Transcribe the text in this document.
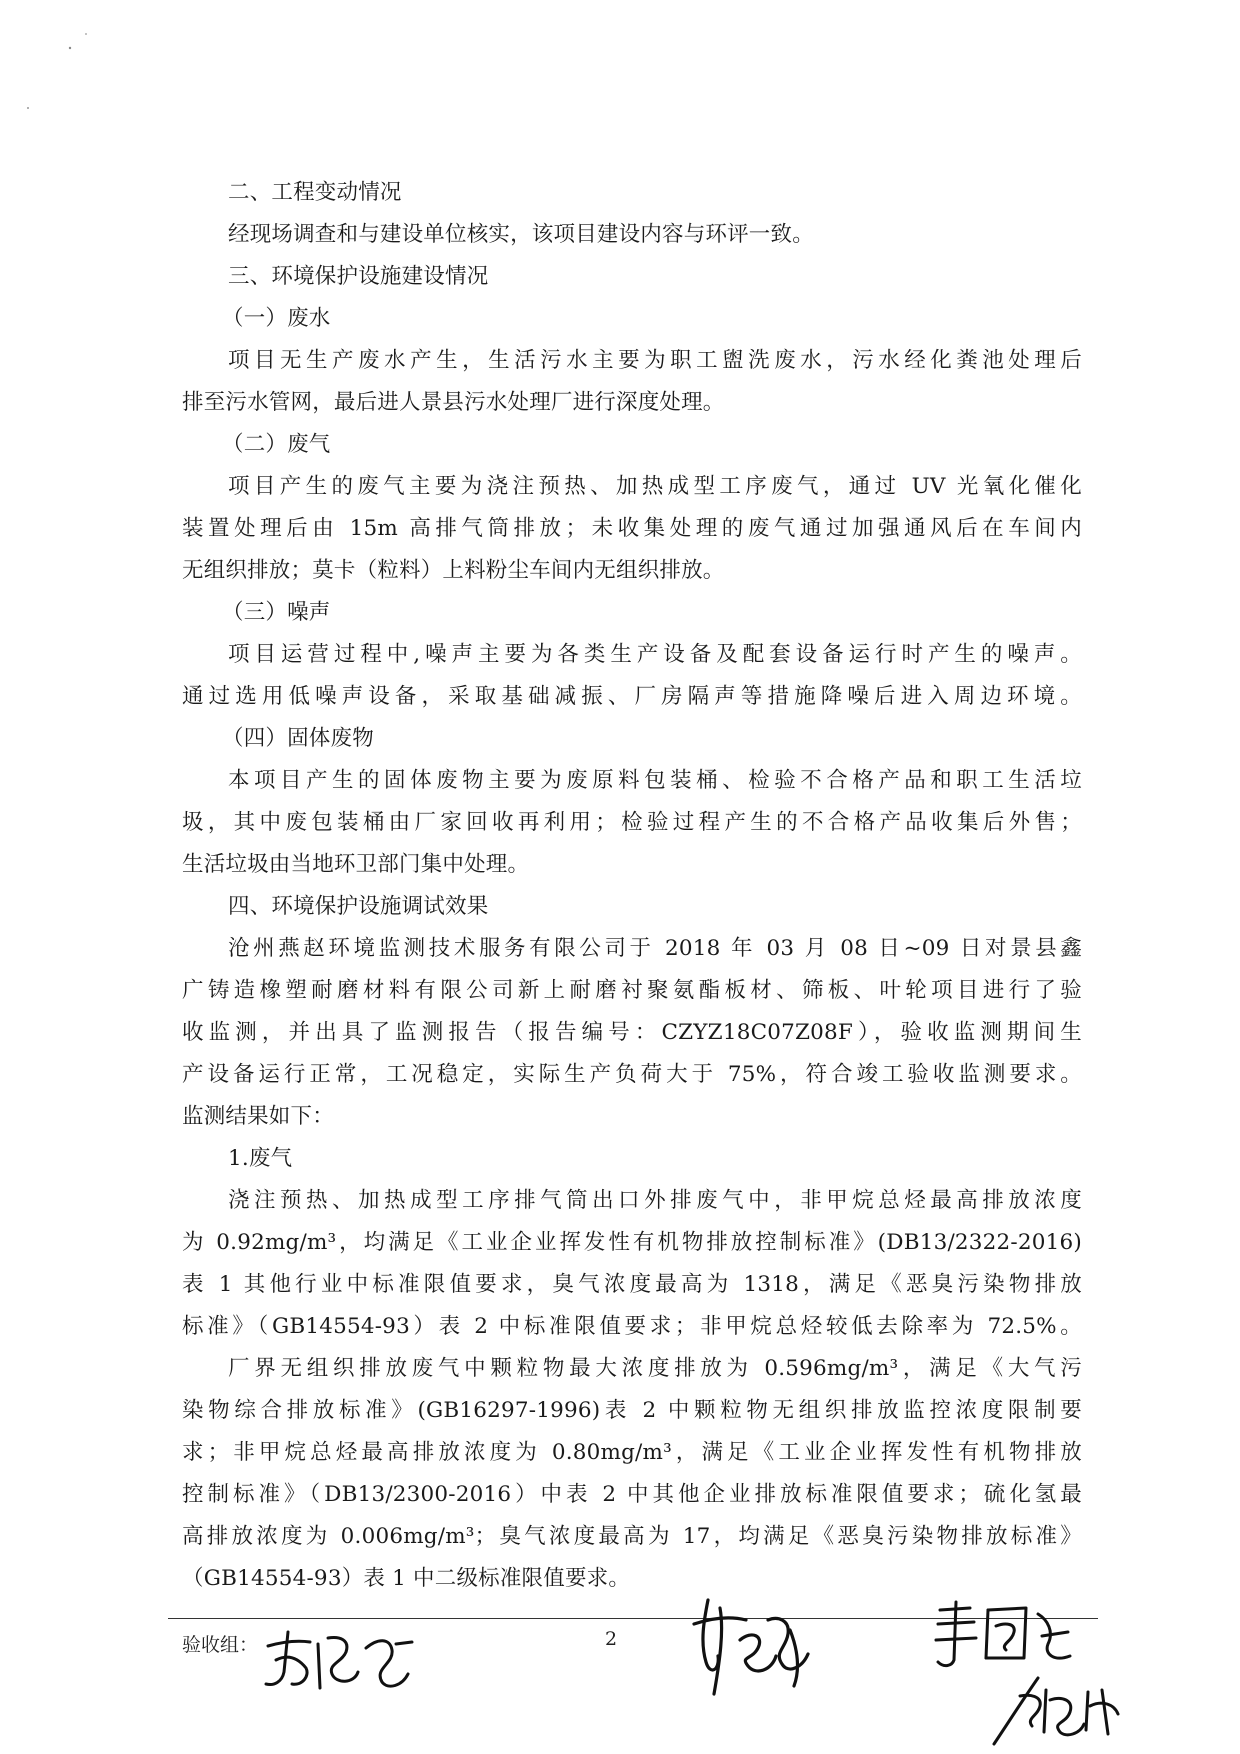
二、工程变动情况
经现场调查和与建设单位核实，该项目建设内容与环评一致。
三、环境保护设施建设情况
（一）废水
项目无生产废水产生，生活污水主要为职工盥洗废水，污水经化粪池处理后
排至污水管网，最后进人景县污水处理厂进行深度处理。
（二）废气
项目产生的废气主要为浇注预热、加热成型工序废气，通过 UV 光氧化催化
装置处理后由 15m 高排气筒排放；未收集处理的废气通过加强通风后在车间内
无组织排放；莫卡（粒料）上料粉尘车间内无组织排放。
（三）噪声
项目运营过程中,噪声主要为各类生产设备及配套设备运行时产生的噪声。
通过选用低噪声设备，采取基础减振、厂房隔声等措施降噪后进入周边环境。
（四）固体废物
本项目产生的固体废物主要为废原料包装桶、检验不合格产品和职工生活垃
圾，其中废包装桶由厂家回收再利用；检验过程产生的不合格产品收集后外售；
生活垃圾由当地环卫部门集中处理。
四、环境保护设施调试效果
沧州燕赵环境监测技术服务有限公司于 2018 年 03 月 08 日~09 日对景县鑫
广铸造橡塑耐磨材料有限公司新上耐磨衬聚氨酯板材、筛板、叶轮项目进行了验
收监测，并出具了监测报告（报告编号：CZYZ18C07Z08F），验收监测期间生
产设备运行正常，工况稳定，实际生产负荷大于 75%，符合竣工验收监测要求。
监测结果如下：
1.废气
浇注预热、加热成型工序排气筒出口外排废气中，非甲烷总烃最高排放浓度
为 0.92mg/m³，均满足《工业企业挥发性有机物排放控制标准》(DB13/2322-2016)
表 1 其他行业中标准限值要求，臭气浓度最高为 1318，满足《恶臭污染物排放
标准》（GB14554-93）表 2 中标准限值要求；非甲烷总烃较低去除率为 72.5%。
厂界无组织排放废气中颗粒物最大浓度排放为 0.596mg/m³，满足《大气污
染物综合排放标准》(GB16297-1996)表 2 中颗粒物无组织排放监控浓度限制要
求；非甲烷总烃最高排放浓度为 0.80mg/m³，满足《工业企业挥发性有机物排放
控制标准》（DB13/2300-2016）中表 2 中其他企业排放标准限值要求；硫化氢最
高排放浓度为 0.006mg/m³；臭气浓度最高为 17，均满足《恶臭污染物排放标准》
（GB14554-93）表 1 中二级标准限值要求。
验收组：	2
